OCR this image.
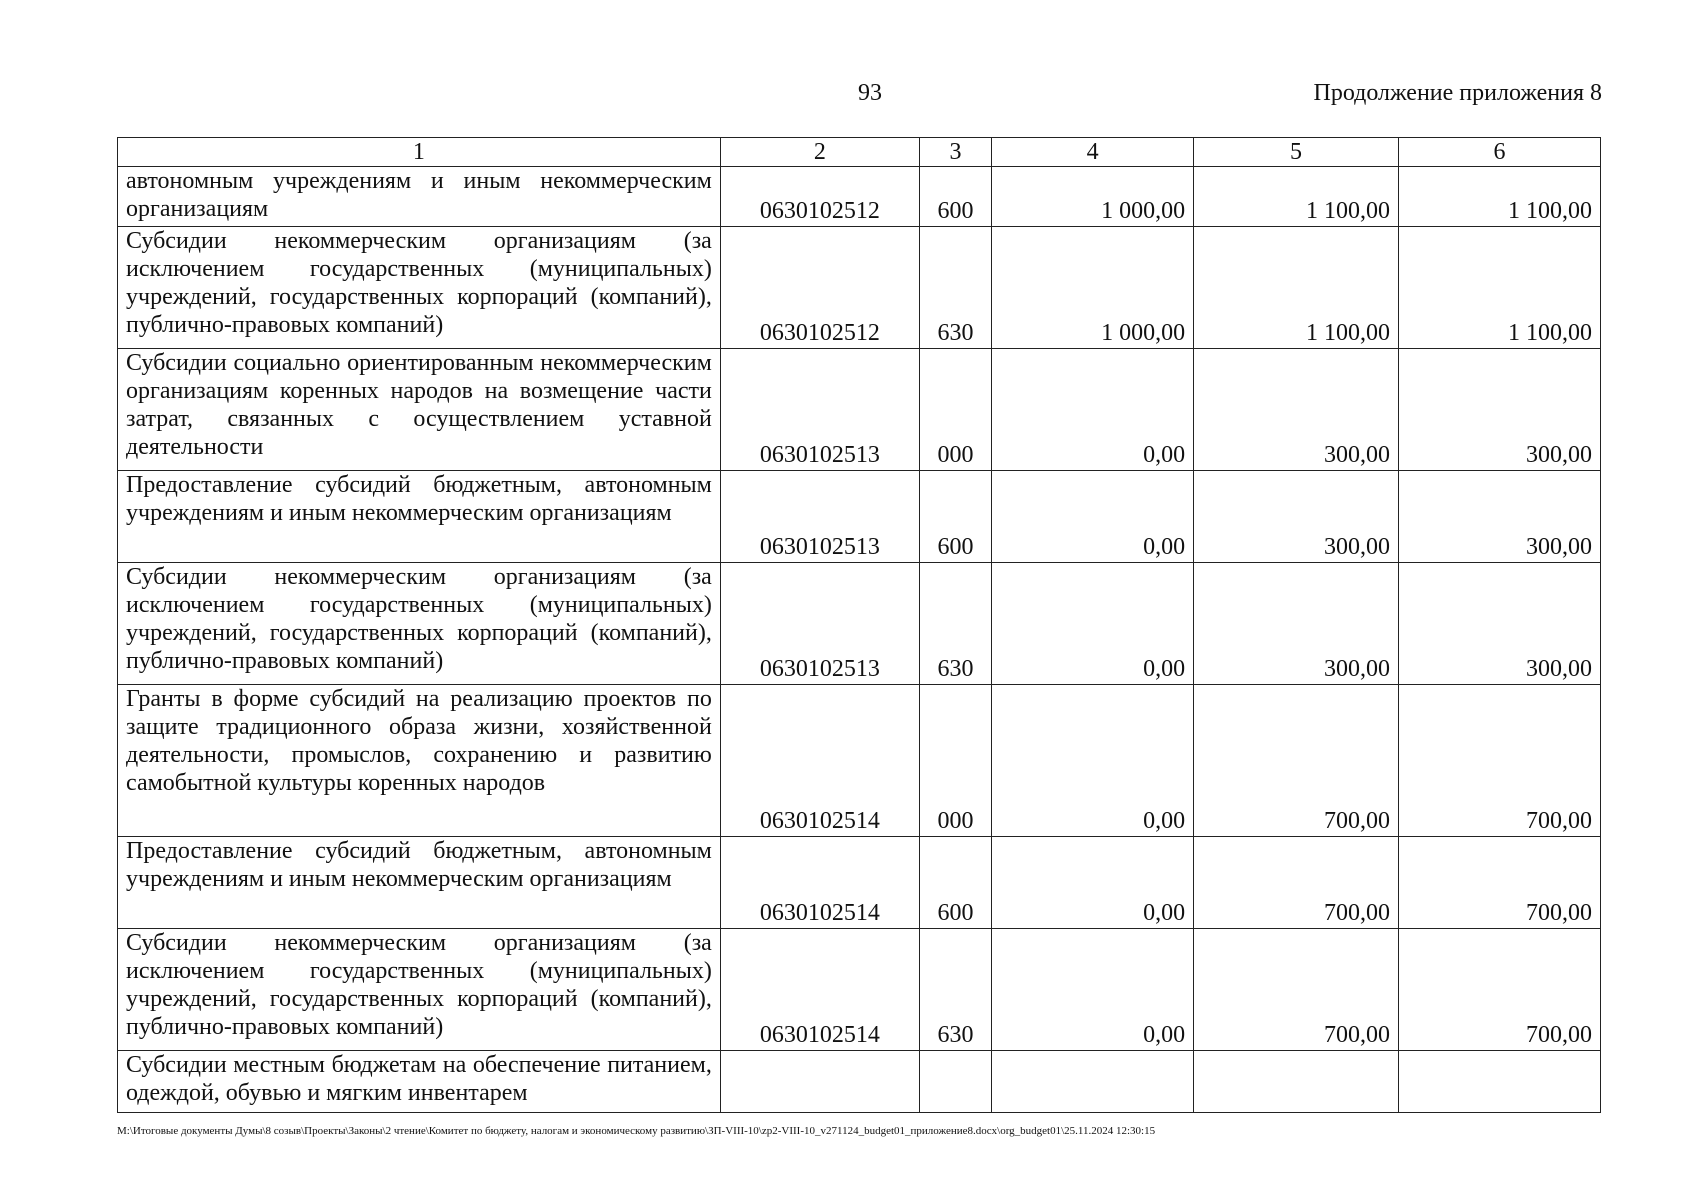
93	Продолжение приложения 8
1	2	3	4	5	6
автономным учреждениям и иным некоммерческим организациям	0630102512	600	1 000,00	1 100,00	1 100,00
Субсидии некоммерческим организациям (за исключением государственных (муниципальных) учреждений, государственных корпораций (компаний), публично-правовых компаний)	0630102512	630	1 000,00	1 100,00	1 100,00
Субсидии социально ориентированным некоммерческим организациям коренных народов на возмещение части затрат, связанных с осуществлением уставной деятельности	0630102513	000	0,00	300,00	300,00
Предоставление субсидий бюджетным, автономным учреждениям и иным некоммерческим организациям	0630102513	600	0,00	300,00	300,00
Субсидии некоммерческим организациям (за исключением государственных (муниципальных) учреждений, государственных корпораций (компаний), публично-правовых компаний)	0630102513	630	0,00	300,00	300,00
Гранты в форме субсидий на реализацию проектов по защите традиционного образа жизни, хозяйственной деятельности, промыслов, сохранению и развитию самобытной культуры коренных народов	0630102514	000	0,00	700,00	700,00
Предоставление субсидий бюджетным, автономным учреждениям и иным некоммерческим организациям	0630102514	600	0,00	700,00	700,00
Субсидии некоммерческим организациям (за исключением государственных (муниципальных) учреждений, государственных корпораций (компаний), публично-правовых компаний)	0630102514	630	0,00	700,00	700,00
Субсидии местным бюджетам на обеспечение питанием, одеждой, обувью и мягким инвентарем					
M:\Итоговые документы Думы\8 созыв\Проекты\Законы\2 чтение\Комитет по бюджету, налогам и экономическому развитию\ЗП-VIII-10\zp2-VIII-10_v271124_budget01_приложение8.docx\org_budget01\25.11.2024 12:30:15
